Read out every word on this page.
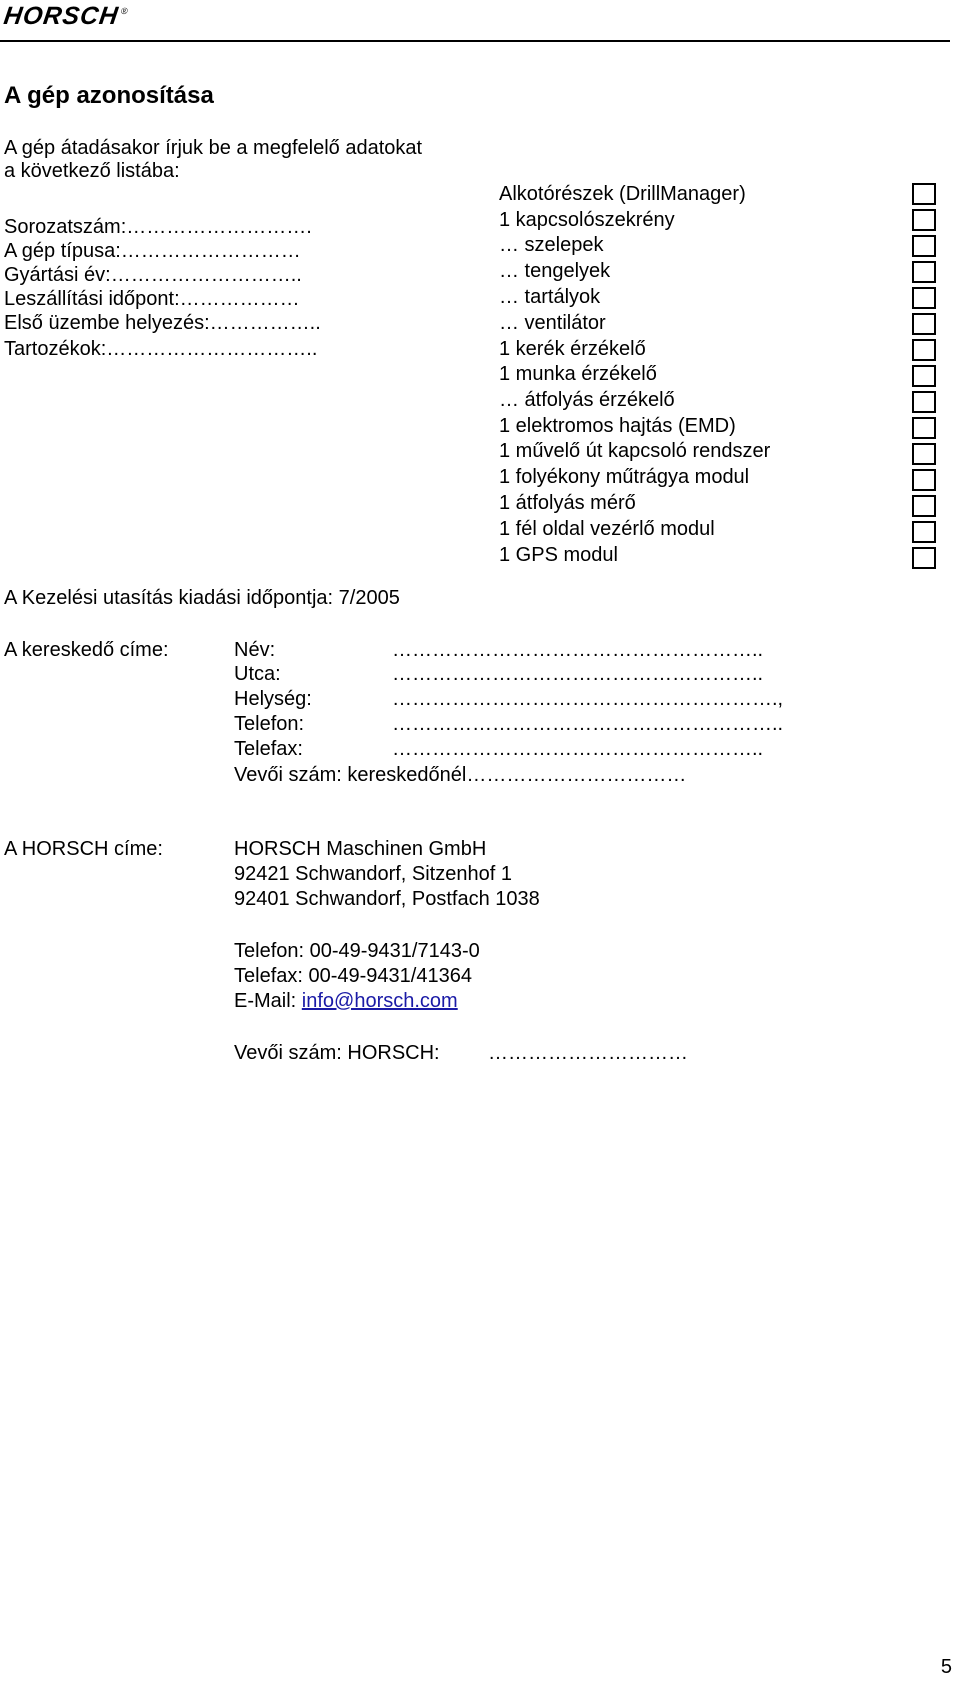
HORSCH®
A gép azonosítása
A gép átadásakor írjuk be a megfelelő adatokat
a következő listába:
Sorozatszám:……………………….
A gép típusa:………………………
Gyártási év:………………………..
Leszállítási időpont:………………
Első üzembe helyezés:……………..
Tartozékok:…………………………..
Alkotórészek (DrillManager)
1 kapcsolószekrény
… szelepek
… tengelyek
… tartályok
… ventilátor
1 kerék érzékelő
1 munka érzékelő
… átfolyás érzékelő
1 elektromos hajtás (EMD)
1 művelő út kapcsoló rendszer
1 folyékony műtrágya modul
1 átfolyás mérő
1 fél oldal vezérlő modul
1 GPS modul
A Kezelési utasítás kiadási időpontja: 7/2005
A kereskedő címe:	Név:	………………………………………………..
Utca:	………………………………………………..
Helység:	………………………………………………….,
Telefon:	…………………………………………………..
Telefax:	………………………………………………..
Vevői szám: kereskedőnél……………………………
A HORSCH címe:	HORSCH Maschinen GmbH
92421 Schwandorf, Sitzenhof 1
92401 Schwandorf, Postfach 1038
Telefon: 00-49-9431/7143-0
Telefax: 00-49-9431/41364
E-Mail: info@horsch.com
Vevői szám: HORSCH: …………………………
5
